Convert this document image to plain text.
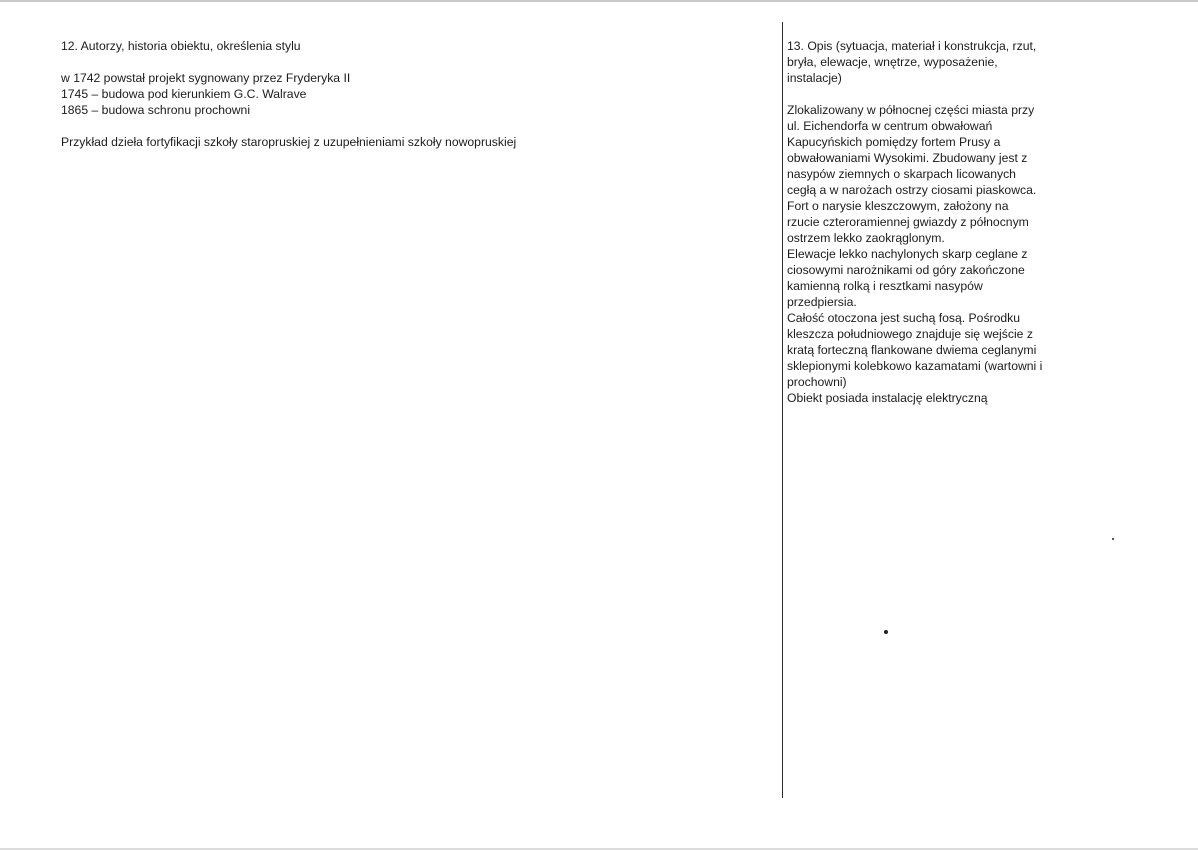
12. Autorzy, historia obiektu, określenia stylu
w 1742 powstał projekt sygnowany przez Fryderyka II
1745 – budowa pod kierunkiem G.C. Walrave
1865 – budowa schronu prochowni
Przykład dzieła fortyfikacji szkoły staropruskiej z uzupełnieniami szkoły nowopruskiej
13. Opis (sytuacja, materiał i konstrukcja, rzut,
bryła, elewacje, wnętrze, wyposażenie,
instalacje)
Zlokalizowany w północnej części miasta przy
ul. Eichendorfa w centrum obwałowań
Kapucyńskich pomiędzy fortem Prusy a
obwałowaniami Wysokimi. Zbudowany jest z
nasypów ziemnych o skarpach licowanych
cegłą a w narożach ostrzy ciosami piaskowca.
Fort o narysie kleszczowym, założony na
rzucie czteroramiennej gwiazdy z północnym
ostrzem lekko zaokrąglonym.
Elewacje lekko nachylonych skarp ceglane z
ciosowymi narożnikami od góry zakończone
kamienną rolką i resztkami nasypów
przedpiersia.
Całość otoczona jest suchą fosą. Pośrodku
kleszcza południowego znajduje się wejście z
kratą forteczną flankowane dwiema ceglanymi
sklepionymi kolebkowo kazamatami (wartowni i
prochowni)
Obiekt posiada instalację elektryczną
